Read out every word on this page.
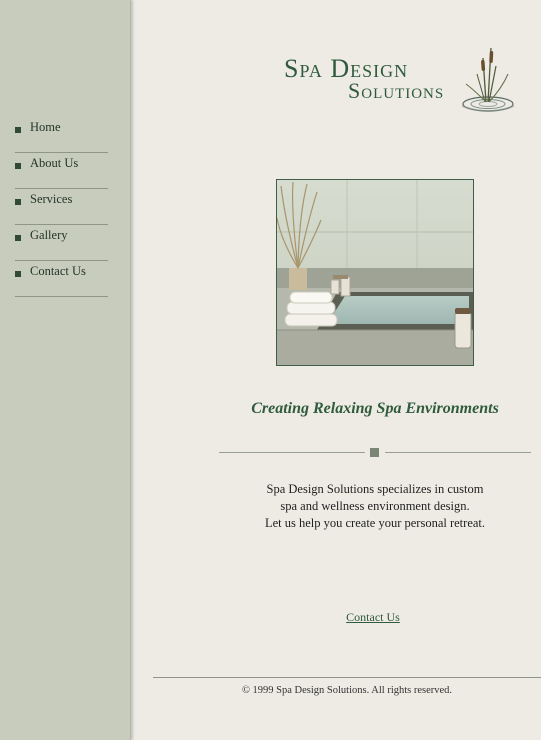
Home
About Us
Services
Gallery
Contact Us
Spa Design
Solutions
Creating Relaxing Spa Environments
Spa Design Solutions specializes in custom
spa and wellness environment design.
Let us help you create your personal retreat.
Contact Us
© 1999 Spa Design Solutions. All rights reserved.
